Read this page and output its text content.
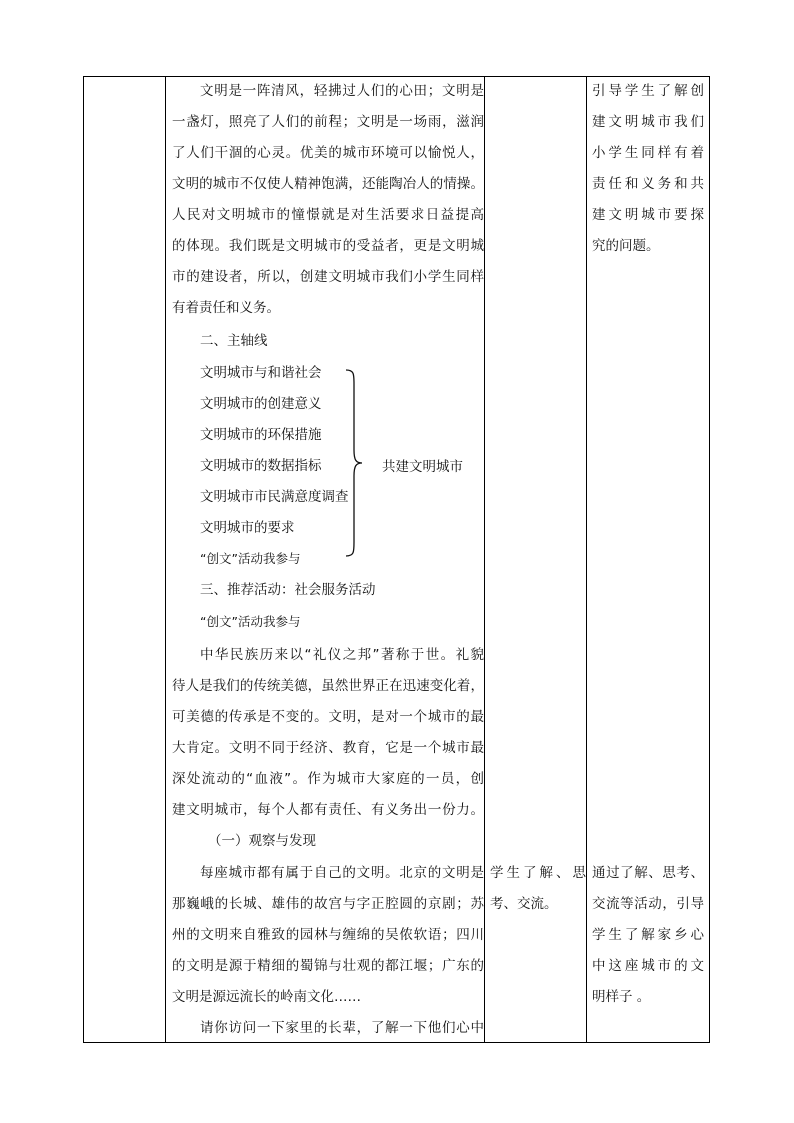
文明是一阵清风，轻拂过人们的心田；文明是
一盏灯，照亮了人们的前程；文明是一场雨，滋润
了人们干涸的心灵。优美的城市环境可以愉悦人，
文明的城市不仅使人精神饱满，还能陶冶人的情操。
人民对文明城市的憧憬就是对生活要求日益提高
的体现。我们既是文明城市的受益者，更是文明城
市的建设者，所以，创建文明城市我们小学生同样
有着责任和义务。
二、主轴线
文明城市与和谐社会
文明城市的创建意义
文明城市的环保措施
文明城市的数据指标
文明城市市民满意度调查
文明城市的要求
“创文”活动我参与
三、推荐活动：社会服务活动
“创文”活动我参与
中华民族历来以“礼仪之邦”著称于世。礼貌
待人是我们的传统美德，虽然世界正在迅速变化着，
可美德的传承是不变的。文明，是对一个城市的最
大肯定。文明不同于经济、教育，它是一个城市最
深处流动的“血液”。作为城市大家庭的一员，创
建文明城市，每个人都有责任、有义务出一份力。
（一）观察与发现
每座城市都有属于自己的文明。北京的文明是
那巍峨的长城、雄伟的故宫与字正腔圆的京剧；苏
州的文明来自雅致的园林与缠绵的吴侬软语；四川
的文明是源于精细的蜀锦与壮观的都江堰；广东的
文明是源远流长的岭南文化……
请你访问一下家里的长辈，了解一下他们心中
共建文明城市
学生了解、思
考、交流。
引导学生了解创
建文明城市我们
小学生同样有着
责任和义务和共
建文明城市要探
究的问题。
通过了解、思考、
交流等活动，引导
学生了解家乡心
中这座城市的文
明样子 。
